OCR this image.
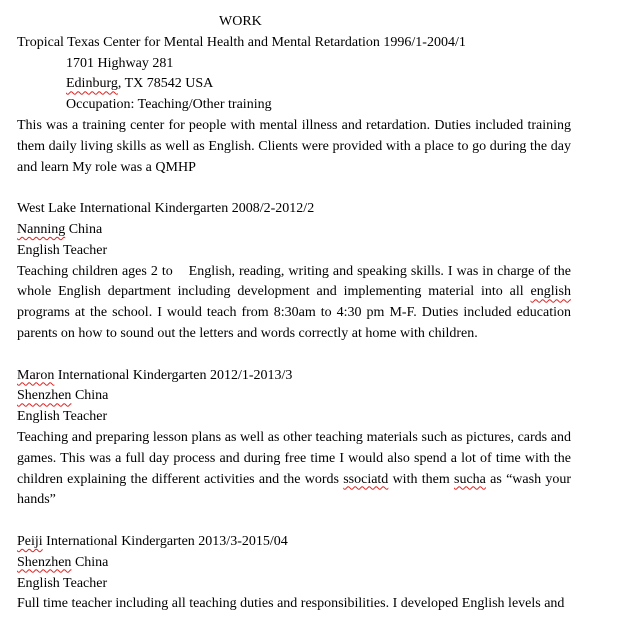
WORK
Tropical Texas Center for Mental Health and Mental Retardation 1996/1-2004/1
1701 Highway 281
Edinburg, TX 78542 USA
Occupation: Teaching/Other training
This was a training center for people with mental illness and retardation. Duties included training them daily living skills as well as English. Clients were provided with a place to go during the day and learn My role was a QMHP
West Lake International Kindergarten 2008/2-2012/2
Nanning China
English Teacher
Teaching children ages 2 to    English, reading, writing and speaking skills. I was in charge of the whole English department including development and implementing material into all english programs at the school. I would teach from 8:30am to 4:30 pm M-F. Duties included education parents on how to sound out the letters and words correctly at home with children.
Maron International Kindergarten 2012/1-2013/3
Shenzhen China
English Teacher
Teaching and preparing lesson plans as well as other teaching materials such as pictures, cards and games. This was a full day process and during free time I would also spend a lot of time with the children explaining the different activities and the words ssociatd with them sucha as “wash your hands”
Peiji International Kindergarten 2013/3-2015/04
Shenzhen China
English Teacher
Full time teacher including all teaching duties and responsibilities. I developed English levels and
